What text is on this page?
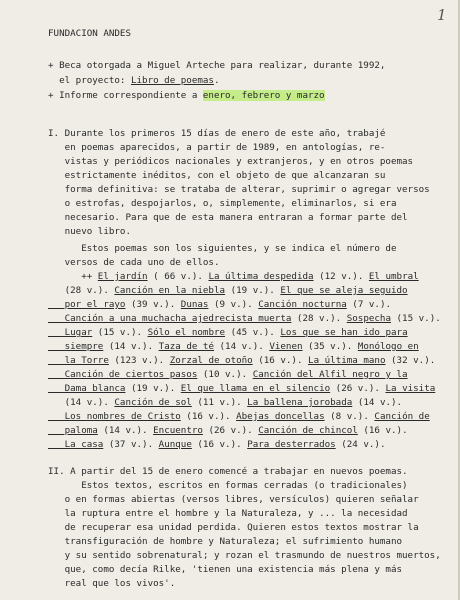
1
FUNDACION ANDES
+ Beca otorgada a Miguel Arteche para realizar, durante 1992,
el proyecto: Libro de poemas.
+ Informe correspondiente a enero, febrero y marzo
I. Durante los primeros 15 días de enero de este año, trabajé
en poemas aparecidos, a partir de 1989, en antologías, re-
vistas y periódicos nacionales y extranjeros, y en otros poemas
estrictamente inéditos, con el objeto de que alcanzaran su
forma definitiva: se trataba de alterar, suprimir o agregar versos
o estrofas, despojarlos, o, simplemente, eliminarlos, si era
necesario. Para que de esta manera entraran a formar parte del
nuevo libro.
Estos poemas son los siguientes, y se indica el número de
versos de cada uno de ellos.
++ El jardín ( 66 v.). La última despedida (12 v.). El umbral
(28 v.). Canción en la niebla (19 v.). El que se aleja seguido
por el rayo (39 v.). Dunas (9 v.). Canción nocturna (7 v.).
Canción a una muchacha ajedrecista muerta (28 v.). Sospecha (15 v.).
Lugar (15 v.). Sólo el nombre (45 v.). Los que se han ido para
siempre (14 v.). Taza de té (14 v.). Vienen (35 v.). Monólogo en
la Torre (123 v.). Zorzal de otoño (16 v.). La última mano (32 v.).
Canción de ciertos pasos (10 v.). Canción del Alfil negro y la
Dama blanca (19 v.). El que llama en el silencio (26 v.). La visita
(14 v.). Canción de sol (11 v.). La ballena jorobada (14 v.).
Los nombres de Cristo (16 v.). Abejas doncellas (8 v.). Canción de
paloma (14 v.). Encuentro (26 v.). Canción de chincol (16 v.).
La casa (37 v.). Aunque (16 v.). Para desterrados (24 v.).
II. A partir del 15 de enero comencé a trabajar en nuevos poemas.
Estos textos, escritos en formas cerradas (o tradicionales)
o en formas abiertas (versos libres, versículos) quieren señalar
la ruptura entre el hombre y la Naturaleza, y ... la necesidad
de recuperar esa unidad perdida. Quieren estos textos mostrar la
transfiguración de hombre y Naturaleza; el sufrimiento humano
y su sentido sobrenatural; y rozan el trasmundo de nuestros muertos,
que, como decía Rilke, 'tienen una existencia más plena y más
real que los vivos'.
